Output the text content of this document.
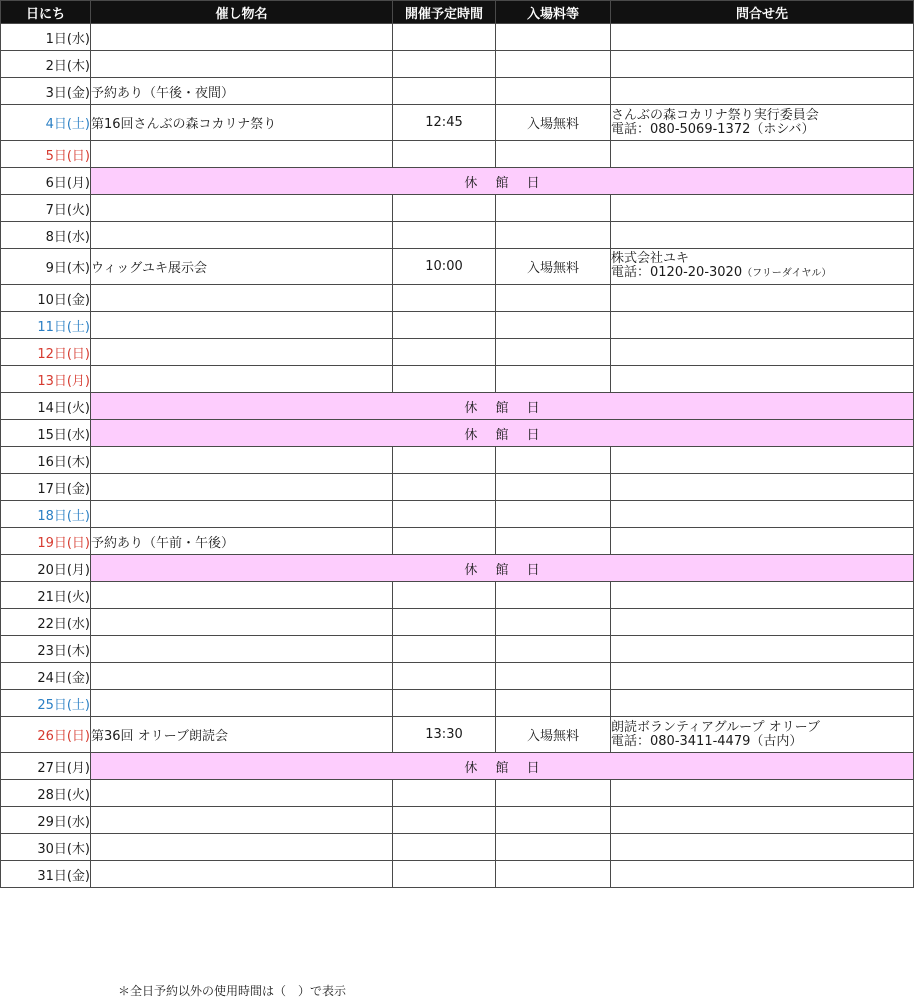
日にち	催し物名	開催予定時間	入場料等	問合せ先
1日(水)				
2日(木)				
3日(金)	予約あり（午後・夜間）			
4日(土)	第16回さんぶの森コカリナ祭り	12:45	入場無料	さんぶの森コカリナ祭り実行委員会
電話：080-5069-1372（ホシバ）

5日(日)				
6日(月)	休 館 日			
7日(火)				
8日(水)				
9日(木)	ウィッグユキ展示会	10:00	入場無料	株式会社ユキ
電話：0120-20-3020（フリーダイヤル）

10日(金)				
11日(土)				
12日(日)				
13日(月)				
14日(火)	休 館 日			
15日(水)	休 館 日			
16日(木)				
17日(金)				
18日(土)				
19日(日)	予約あり（午前・午後）			
20日(月)	休 館 日			
21日(火)				
22日(水)				
23日(木)				
24日(金)				
25日(土)				
26日(日)	第36回 オリーブ朗読会	13:30	入場無料	朗読ボランティアグループ オリーブ
電話：080-3411-4479（古内）

27日(月)	休 館 日			
28日(火)				
29日(水)				
30日(木)				
31日(金)				
＊全日予約以外の使用時間は（　）で表示
